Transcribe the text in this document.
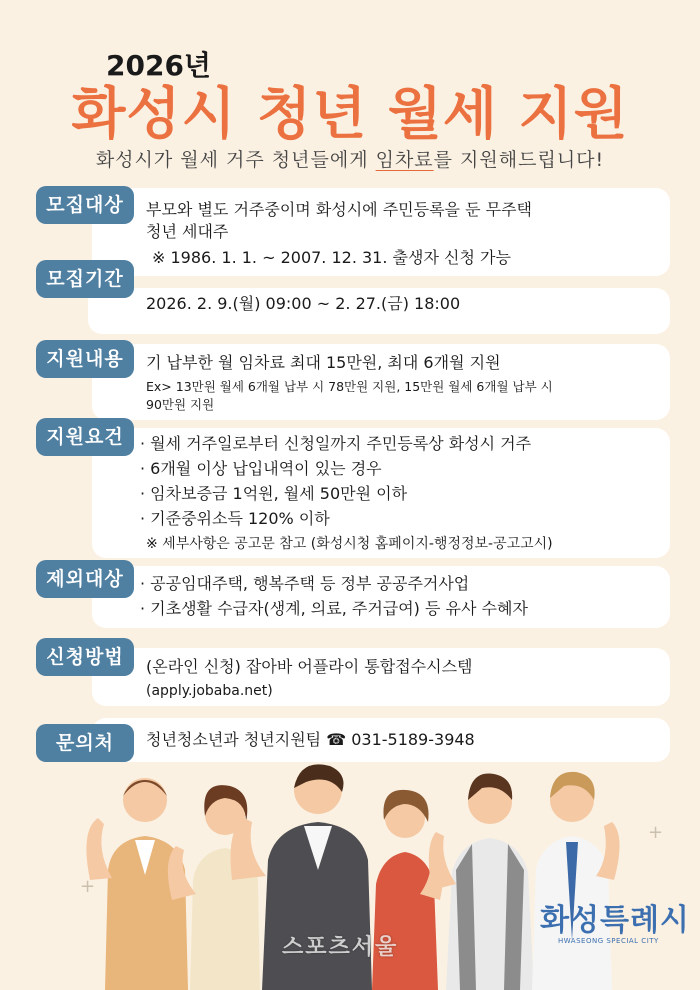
2026년
화성시 청년 월세 지원
화성시가 월세 거주 청년들에게 임차료를 지원해드립니다!
모집대상	부모와 별도 거주중이며 화성시에 주민등록을 둔 무주택
청년 세대주
※ 1986. 1. 1. ~ 2007. 12. 31. 출생자 신청 가능
모집기간
2026. 2. 9.(월) 09:00 ~ 2. 27.(금) 18:00
지원내용	기 납부한 월 임차료 최대 15만원, 최대 6개월 지원
Ex> 13만원 월세 6개월 납부 시 78만원 지원, 15만원 월세 6개월 납부 시
90만원 지원
지원요건	· 월세 거주일로부터 신청일까지 주민등록상 화성시 거주
· 6개월 이상 납입내역이 있는 경우
· 임차보증금 1억원, 월세 50만원 이하
· 기준중위소득 120% 이하
※ 세부사항은 공고문 참고 (화성시청 홈페이지-행정정보-공고고시)
제외대상	· 공공임대주택, 행복주택 등 정부 공공주거사업
· 기초생활 수급자(생계, 의료, 주거급여) 등 유사 수혜자
신청방법	(온라인 신청) 잡아바 어플라이 통합접수시스템
(apply.jobaba.net)
문의처	청년청소년과 청년지원팀 ☎ 031-5189-3948
+
+
스포츠서울
화성특례시
HWASEONG SPECIAL CITY
